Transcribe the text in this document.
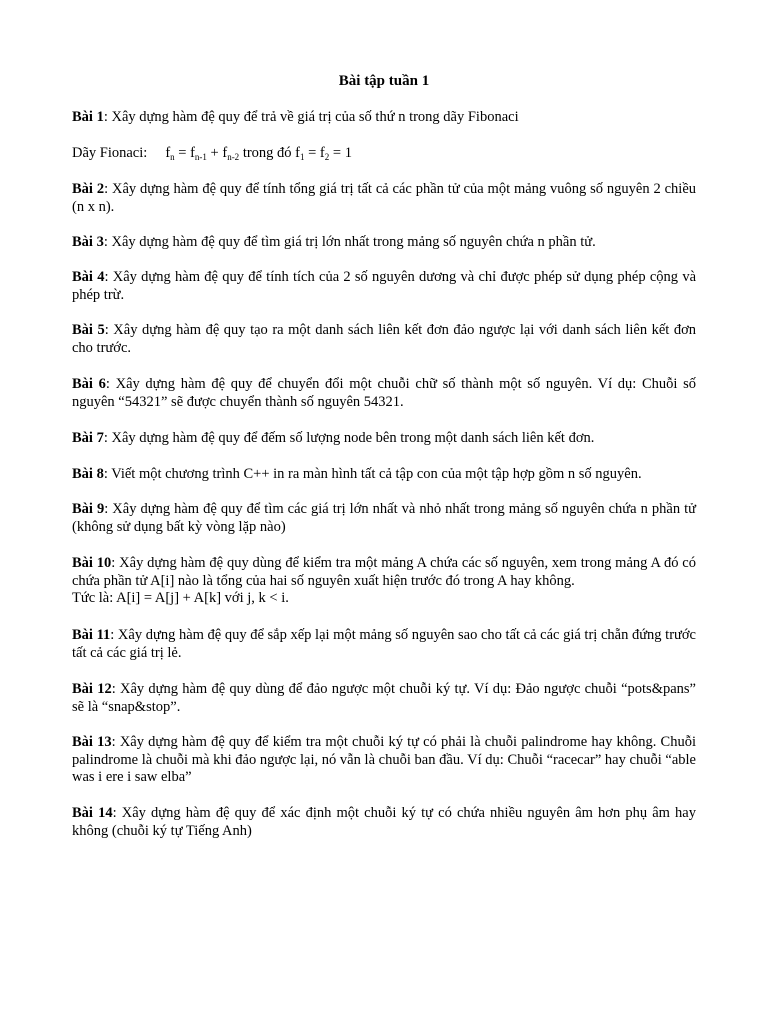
Bài tập tuần 1

Bài 1: Xây dựng hàm đệ quy để trả về giá trị của số thứ n trong dãy Fibonaci

Dãy Fionaci: $f_n = f_{n-1} + f_{n-2}$ trong đó $f_1 = f_2 = 1$

Bài 2: Xây dựng hàm đệ quy để tính tổng giá trị tất cả các phần tử của một mảng vuông số nguyên 2 chiều (n x n).

Bài 3: Xây dựng hàm đệ quy để tìm giá trị lớn nhất trong mảng số nguyên chứa n phần tử.

Bài 4: Xây dựng hàm đệ quy để tính tích của 2 số nguyên dương và chỉ được phép sử dụng phép cộng và phép trừ.

Bài 5: Xây dựng hàm đệ quy tạo ra một danh sách liên kết đơn đảo ngược lại với danh sách liên kết đơn cho trước.

Bài 6: Xây dựng hàm đệ quy để chuyển đổi một chuỗi chữ số thành một số nguyên. Ví dụ: Chuỗi số nguyên “54321” sẽ được chuyển thành số nguyên 54321.

Bài 7: Xây dựng hàm đệ quy để đếm số lượng node bên trong một danh sách liên kết đơn.

Bài 8: Viết một chương trình C++ in ra màn hình tất cả tập con của một tập hợp gồm n số nguyên.

Bài 9: Xây dựng hàm đệ quy để tìm các giá trị lớn nhất và nhỏ nhất trong mảng số nguyên chứa n phần tử (không sử dụng bất kỳ vòng lặp nào)

Bài 10: Xây dựng hàm đệ quy dùng để kiểm tra một mảng A chứa các số nguyên, xem trong mảng A đó có chứa phần tử A[i] nào là tổng của hai số nguyên xuất hiện trước đó trong A hay không.

Tức là: A[i] = A[j] + A[k] với j, k < i.

Bài 11: Xây dựng hàm đệ quy để sắp xếp lại một mảng số nguyên sao cho tất cả các giá trị chẵn đứng trước tất cả các giá trị lẻ.

Bài 12: Xây dựng hàm đệ quy dùng để đảo ngược một chuỗi ký tự. Ví dụ: Đảo ngược chuỗi “pots&pans” sẽ là “snap&stop”.

Bài 13: Xây dựng hàm đệ quy để kiểm tra một chuỗi ký tự có phải là chuỗi palindrome hay không. Chuỗi palindrome là chuỗi mà khi đảo ngược lại, nó vẫn là chuỗi ban đầu. Ví dụ: Chuỗi “racecar” hay chuỗi “able was i ere i saw elba”

Bài 14: Xây dựng hàm đệ quy để xác định một chuỗi ký tự có chứa nhiều nguyên âm hơn phụ âm hay không (chuỗi ký tự Tiếng Anh)
